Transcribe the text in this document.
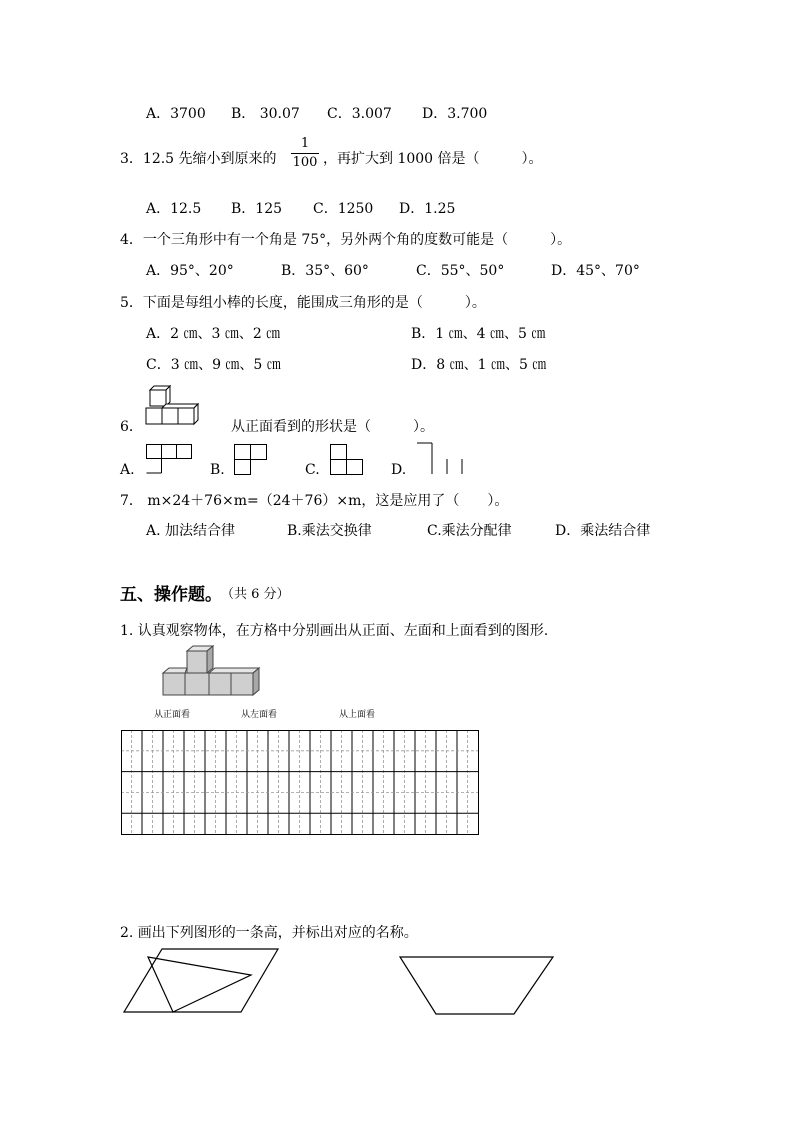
A．3700 B． 30.07 C．3.007 D．3.700
3．12.5 先缩小到原来的
1
100 ，再扩大到 1000 倍是（　　　）。
A．12.5 B．125 C．1250 D．1.25
4．一个三角形中有一个角是 75°，另外两个角的度数可能是（　　　）。
A．95°、20°	B．35°、60°	C．55°、50°	D．45°、70°
5．下面是每组小棒的长度，能围成三角形的是（　　　）。
A．2 ㎝、3 ㎝、2 ㎝	B．1 ㎝、4 ㎝、5 ㎝
C．3 ㎝、9 ㎝、5 ㎝	D．8 ㎝、1 ㎝、5 ㎝
6．	从正面看到的形状是（　　　）。
A.	B.	C.	D.
7． m×24＋76×m=（24＋76）×m，这是应用了（　　）。
A. 加法结合律	B.乘法交换律	C.乘法分配律	D．乘法结合律
五、操作题。 （共 6 分）
1. 认真观察物体，在方格中分别画出从正面、左面和上面看到的图形.
从正面看	从左面看	从上面看
2. 画出下列图形的一条高，并标出对应的名称。
